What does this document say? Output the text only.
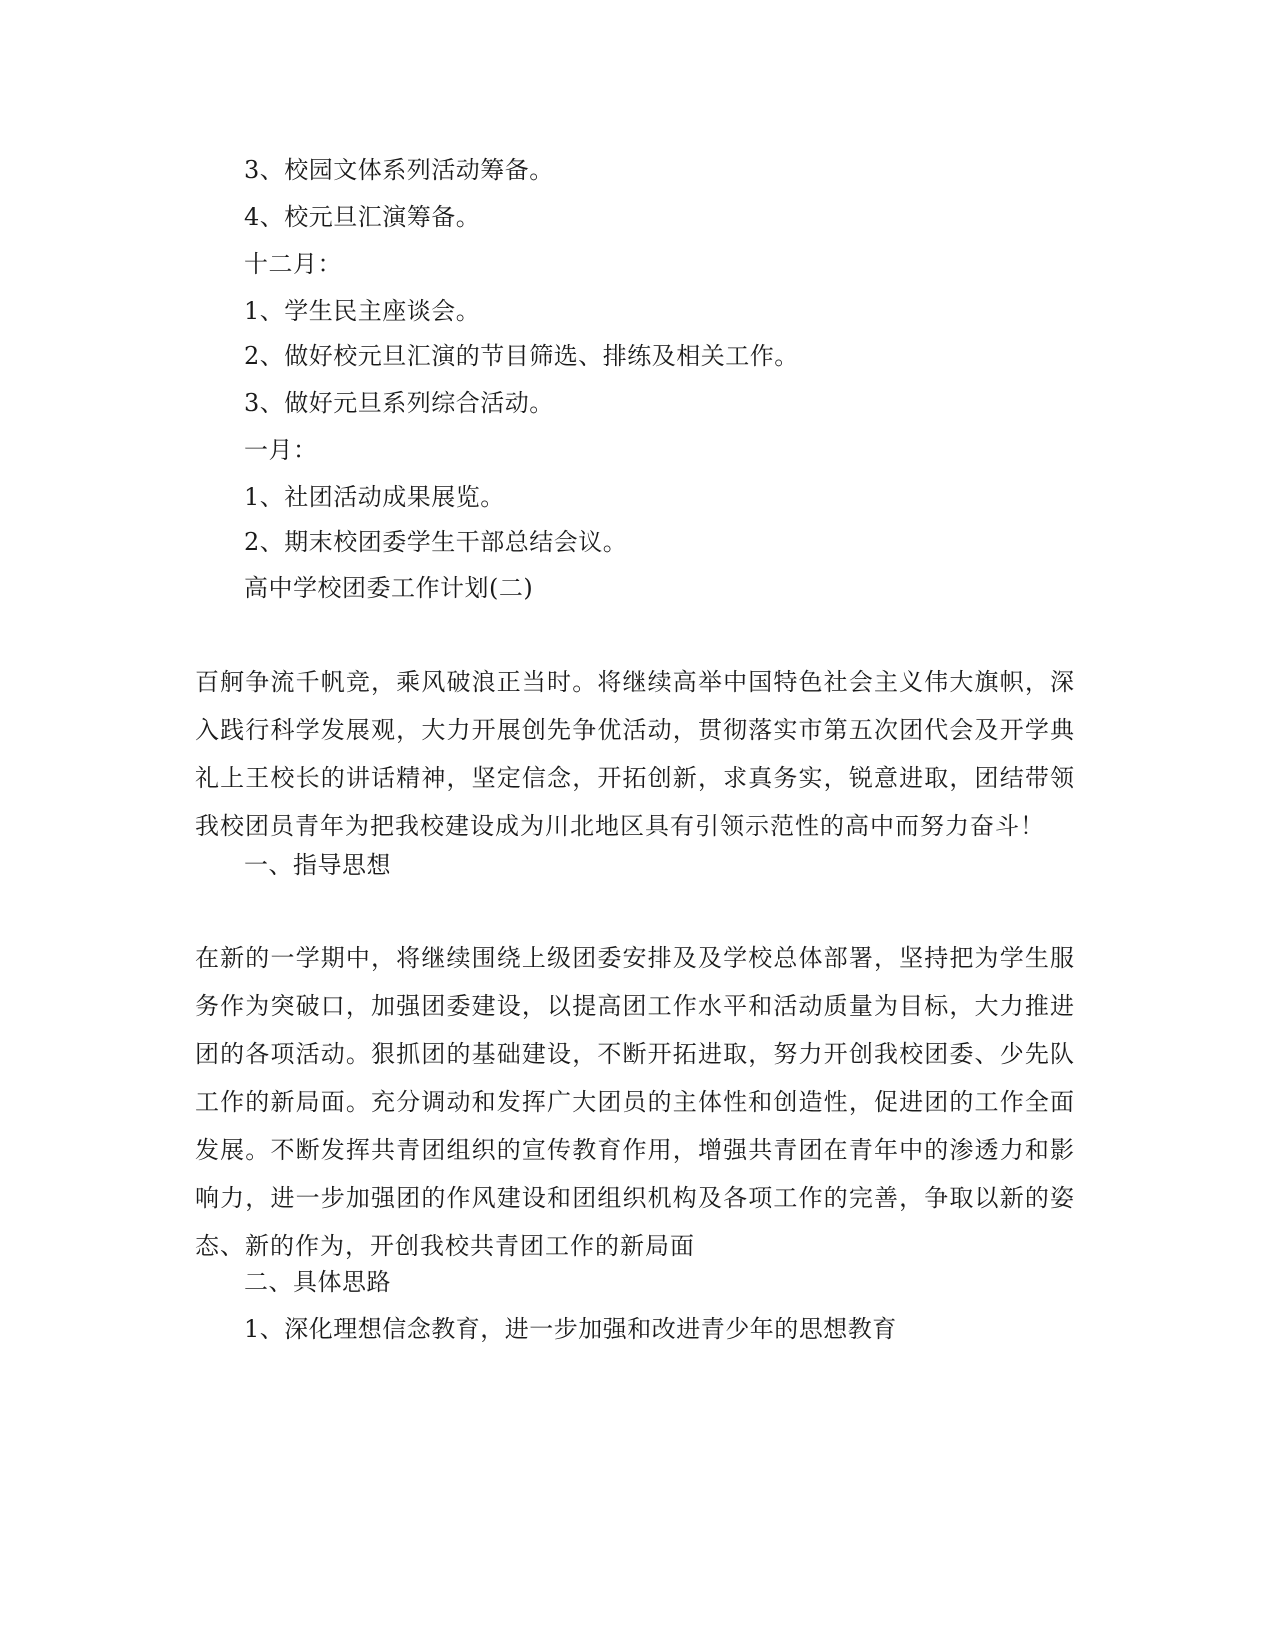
3、校园文体系列活动筹备。
4、校元旦汇演筹备。
十二月：
1、学生民主座谈会。
2、做好校元旦汇演的节目筛选、排练及相关工作。
3、做好元旦系列综合活动。
一月：
1、社团活动成果展览。
2、期末校团委学生干部总结会议。
高中学校团委工作计划(二)
百舸争流千帆竞，乘风破浪正当时。将继续高举中国特色社会主义伟大旗帜，深入践行科学发展观，大力开展创先争优活动，贯彻落实市第五次团代会及开学典礼上王校长的讲话精神，坚定信念，开拓创新，求真务实，锐意进取，团结带领我校团员青年为把我校建设成为川北地区具有引领示范性的高中而努力奋斗！
一、指导思想
在新的一学期中，将继续围绕上级团委安排及及学校总体部署，坚持把为学生服务作为突破口，加强团委建设，以提高团工作水平和活动质量为目标，大力推进团的各项活动。狠抓团的基础建设，不断开拓进取，努力开创我校团委、少先队工作的新局面。充分调动和发挥广大团员的主体性和创造性，促进团的工作全面发展。不断发挥共青团组织的宣传教育作用，增强共青团在青年中的渗透力和影响力，进一步加强团的作风建设和团组织机构及各项工作的完善，争取以新的姿态、新的作为，开创我校共青团工作的新局面
二、具体思路
1、深化理想信念教育，进一步加强和改进青少年的思想教育
